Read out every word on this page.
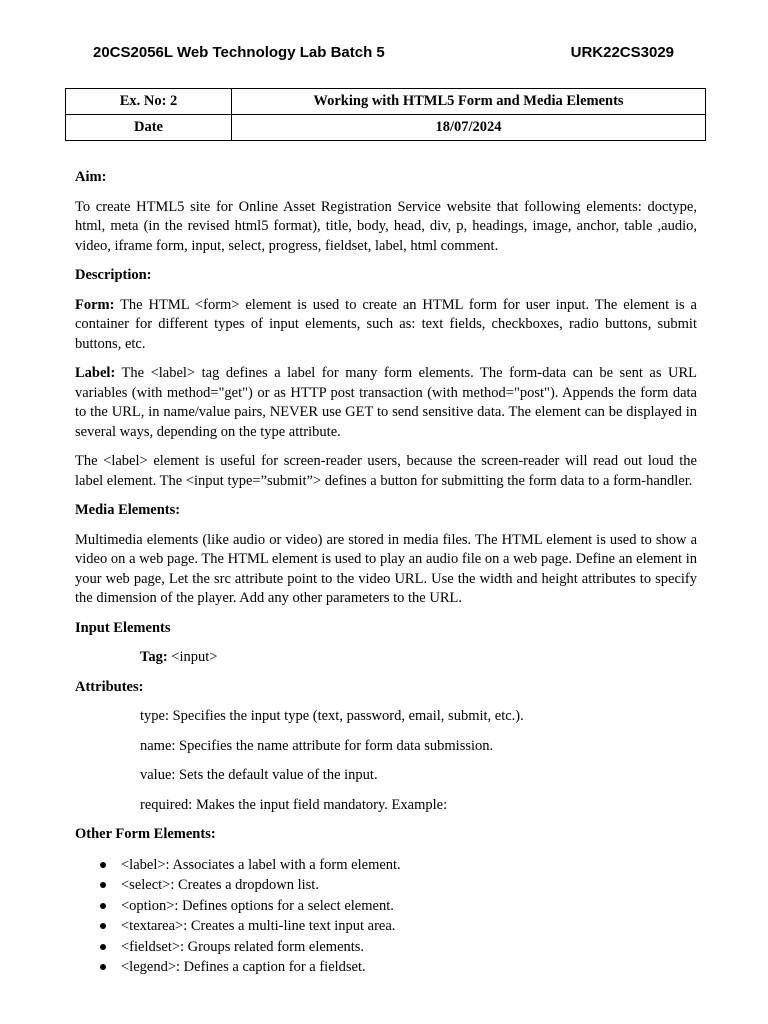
20CS2056L Web Technology Lab Batch 5	URK22CS3029
Ex. No: 2	Working with HTML5 Form and Media Elements
Date	18/07/2024

Aim:

To create HTML5 site for Online Asset Registration Service website that following elements: doctype, html, meta (in the revised html5 format), title, body, head, div, p, headings, image, anchor, table ,audio, video, iframe form, input, select, progress, fieldset, label, html comment.

Description:

Form: The HTML <form> element is used to create an HTML form for user input. The element is a container for different types of input elements, such as: text fields, checkboxes, radio buttons, submit buttons, etc.

Label: The <label> tag defines a label for many form elements. The form-data can be sent as URL variables (with method="get") or as HTTP post transaction (with method="post"). Appends the form data to the URL, in name/value pairs, NEVER use GET to send sensitive data. The element can be displayed in several ways, depending on the type attribute.

The <label> element is useful for screen-reader users, because the screen-reader will read out loud the label element. The <input type=”submit”> defines a button for submitting the form data to a form-handler.

Media Elements:

Multimedia elements (like audio or video) are stored in media files. The HTML element is used to show a video on a web page. The HTML element is used to play an audio file on a web page. Define an element in your web page, Let the src attribute point to the video URL. Use the width and height attributes to specify the dimension of the player. Add any other parameters to the URL.

Input Elements

Tag: <input>

Attributes:

type: Specifies the input type (text, password, email, submit, etc.).

name: Specifies the name attribute for form data submission.

value: Sets the default value of the input.

required: Makes the input field mandatory. Example:

Other Form Elements:

<label>: Associates a label with a form element.
<select>: Creates a dropdown list.
<option>: Defines options for a select element.
<textarea>: Creates a multi-line text input area.
<fieldset>: Groups related form elements.
<legend>: Defines a caption for a fieldset.
